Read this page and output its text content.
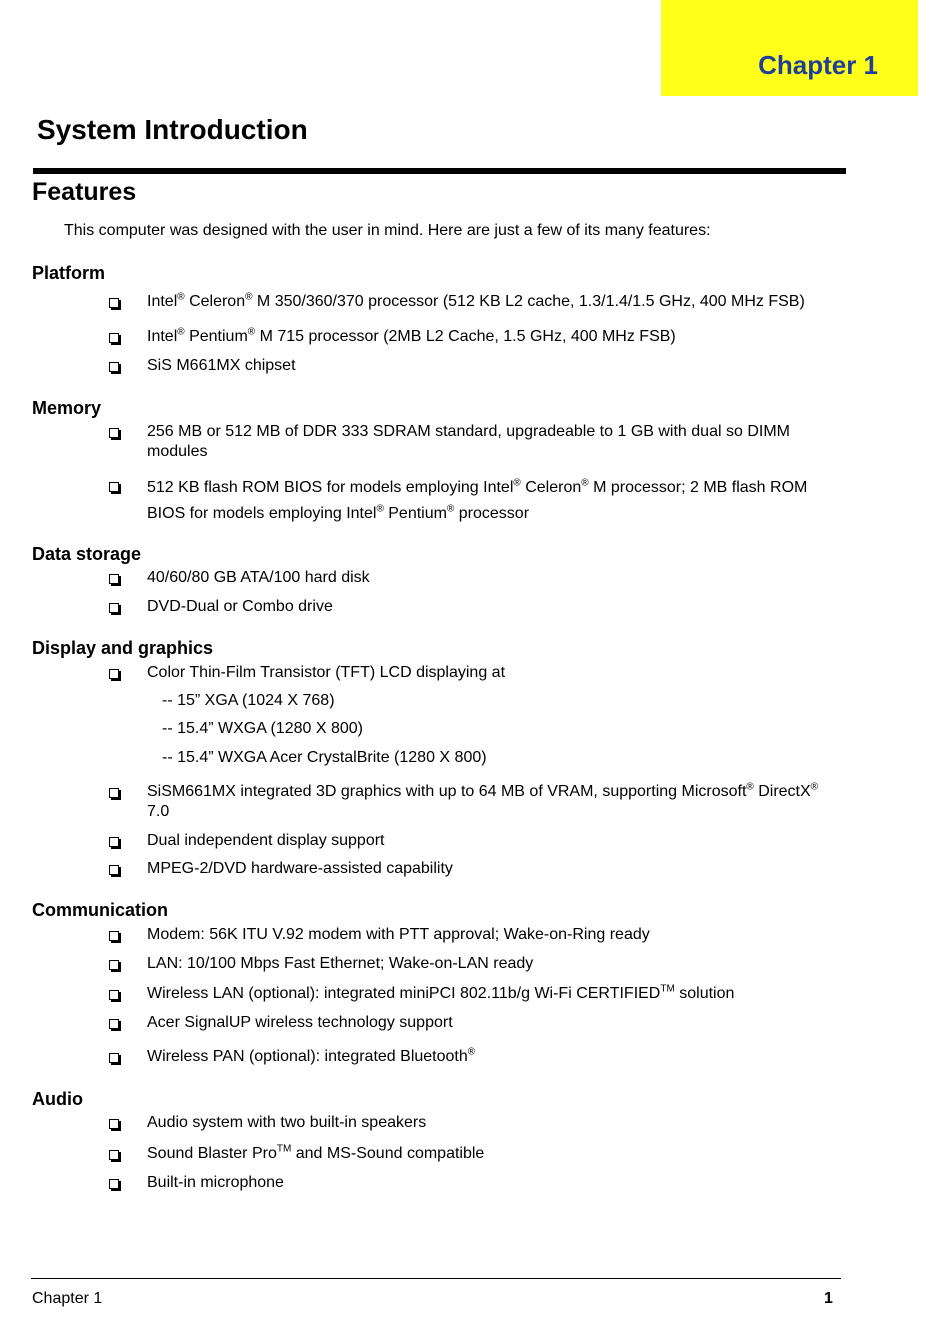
Chapter 1
System Introduction
Features
This computer was designed with the user in mind. Here are just a few of its many features:
Platform
Intel® Celeron® M 350/360/370 processor (512 KB L2 cache, 1.3/1.4/1.5 GHz, 400 MHz FSB)
Intel® Pentium® M 715 processor (2MB L2 Cache, 1.5 GHz, 400 MHz FSB)
SiS M661MX chipset
Memory
256 MB or 512 MB of DDR 333 SDRAM standard, upgradeable to 1 GB with dual so DIMM modules
512 KB flash ROM BIOS for models employing Intel® Celeron® M processor; 2 MB flash ROM BIOS for models employing Intel® Pentium® processor
Data storage
40/60/80 GB ATA/100 hard disk
DVD-Dual or Combo drive
Display and graphics
Color Thin-Film Transistor (TFT) LCD displaying at
-- 15” XGA (1024 X 768)
-- 15.4” WXGA (1280 X 800)
-- 15.4” WXGA Acer CrystalBrite (1280 X 800)
SiSM661MX integrated 3D graphics with up to 64 MB of VRAM, supporting Microsoft® DirectX® 7.0
Dual independent display support
MPEG-2/DVD hardware-assisted capability
Communication
Modem: 56K ITU V.92 modem with PTT approval; Wake-on-Ring ready
LAN: 10/100 Mbps Fast Ethernet; Wake-on-LAN ready
Wireless LAN (optional): integrated miniPCI 802.11b/g Wi-Fi CERTIFIED™ solution
Acer SignalUP wireless technology support
Wireless PAN (optional): integrated Bluetooth®
Audio
Audio system with two built-in speakers
Sound Blaster Pro™ and MS-Sound compatible
Built-in microphone
Chapter 1	1
